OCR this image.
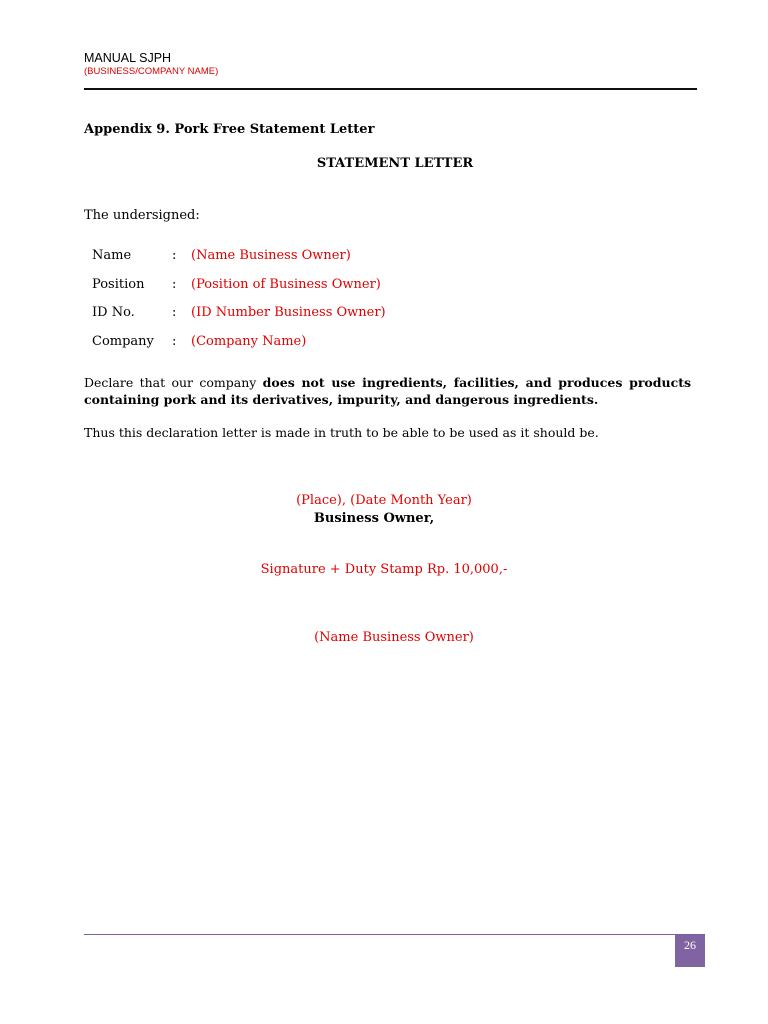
MANUAL SJPH
(BUSINESS/COMPANY NAME)
Appendix 9. Pork Free Statement Letter
STATEMENT LETTER
The undersigned:
Name	: (Name Business Owner)
Position : (Position of Business Owner)
ID No.	: (ID Number Business Owner)
Company : (Company Name)
Declare that our company does not use ingredients, facilities, and produces products containing pork and its derivatives, impurity, and dangerous ingredients.
Thus this declaration letter is made in truth to be able to be used as it should be.
(Place), (Date Month Year)
Business Owner,
Signature + Duty Stamp Rp. 10,000,-
(Name Business Owner)
26
